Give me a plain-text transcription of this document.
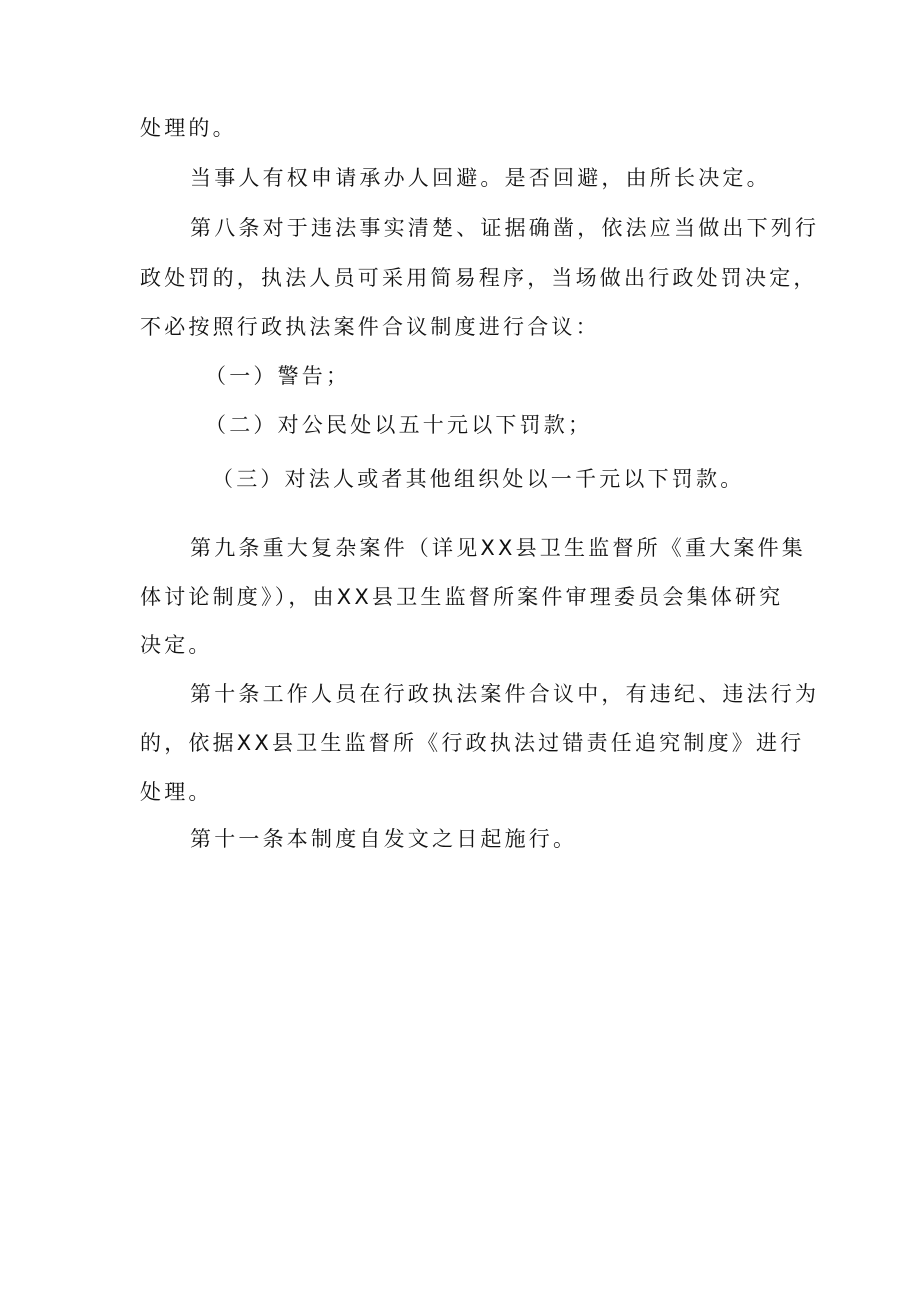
处理的。
当事人有权申请承办人回避。是否回避，由所长决定。
第八条对于违法事实清楚、证据确凿，依法应当做出下列行
政处罚的，执法人员可采用简易程序，当场做出行政处罚决定，
不必按照行政执法案件合议制度进行合议：
（一）警告；
（二）对公民处以五十元以下罚款；
（三）对法人或者其他组织处以一千元以下罚款。
第九条重大复杂案件（详见XX县卫生监督所《重大案件集
体讨论制度》），由XX县卫生监督所案件审理委员会集体研究
决定。
第十条工作人员在行政执法案件合议中，有违纪、违法行为
的，依据XX县卫生监督所《行政执法过错责任追究制度》进行
处理。
第十一条本制度自发文之日起施行。
